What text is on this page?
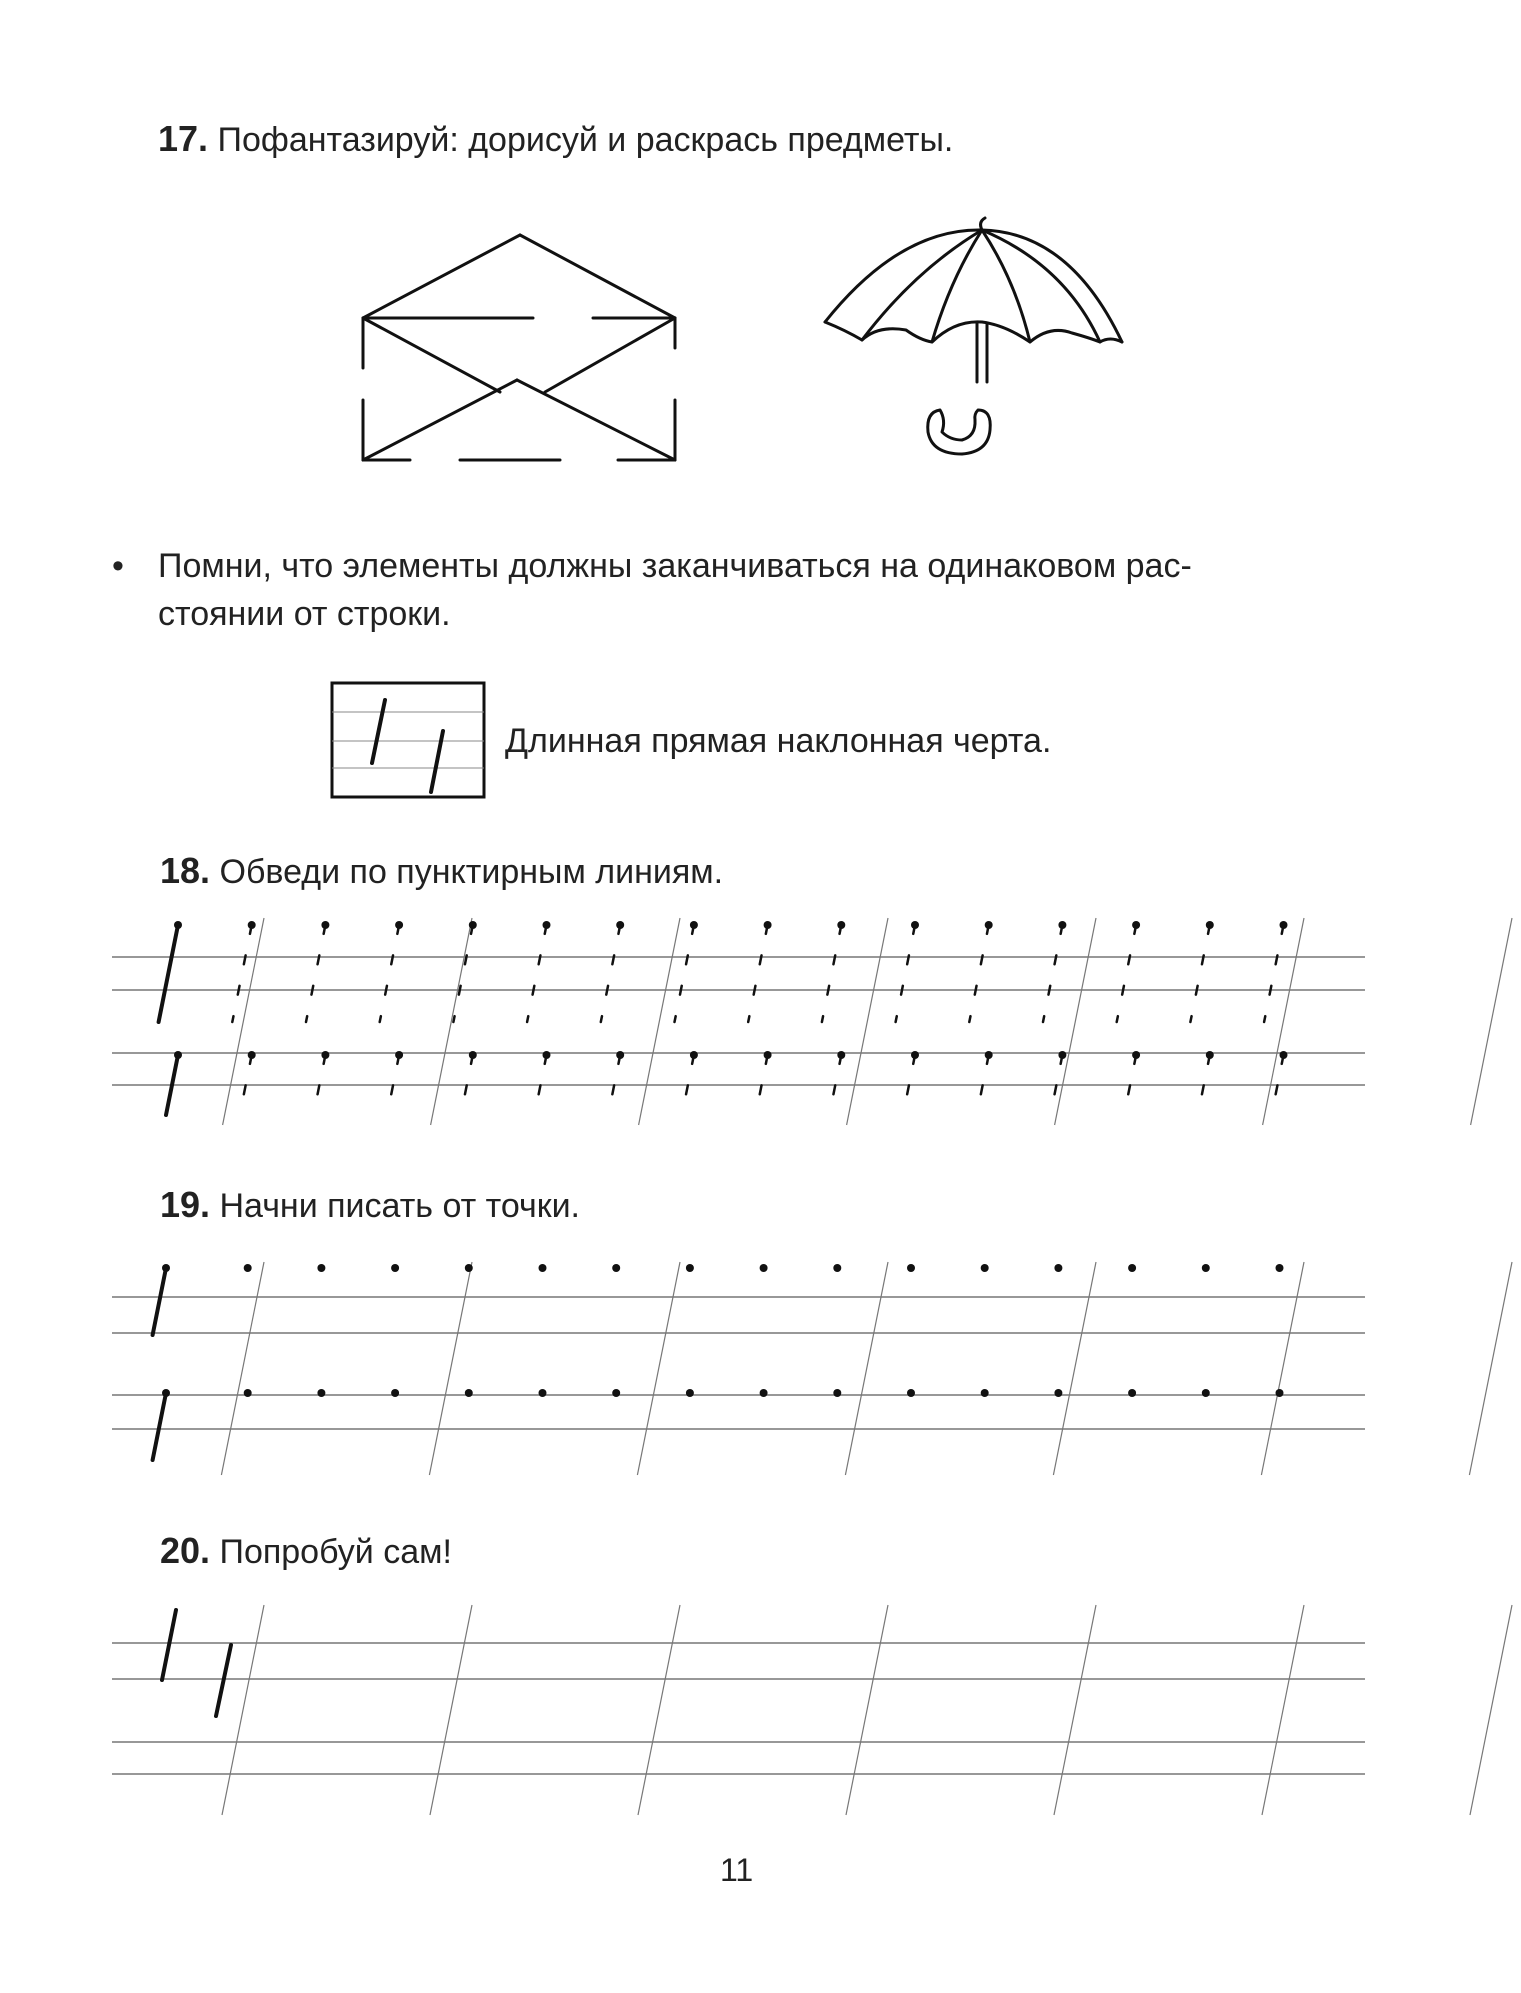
17. Пофантазируй: дорисуй и раскрась предметы.
• Помни, что элементы должны заканчиваться на одинаковом рас-
стоянии от строки.
Длинная прямая наклонная черта.
18. Обведи по пунктирным линиям.
19. Начни писать от точки.
20. Попробуй сам!
11
